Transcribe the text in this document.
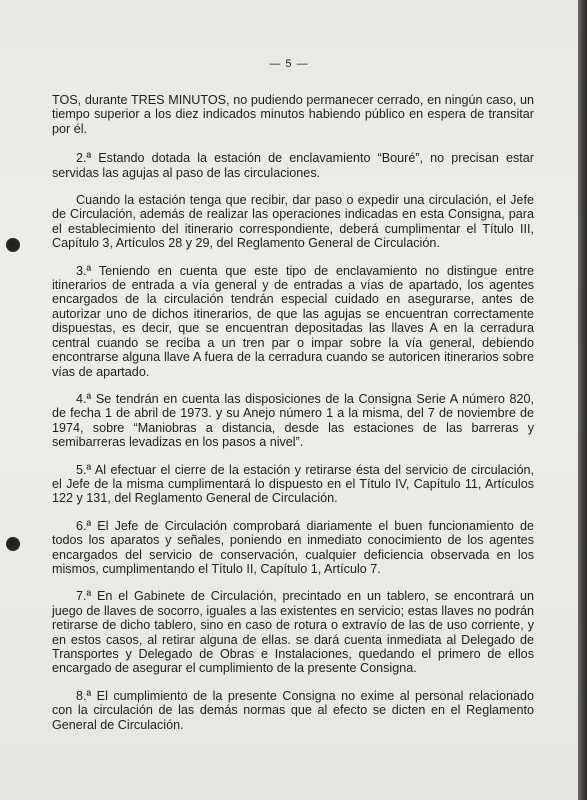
— 5 —

TOS, durante TRES MINUTOS, no pudiendo permanecer cerrado, en ningún caso, un tiempo superior a los diez indicados minutos habiendo público en espera de transitar por él.

2.ª Estando dotada la estación de enclavamiento “Bouré”, no precisan estar servidas las agujas al paso de las circulaciones.

Cuando la estación tenga que recibir, dar paso o expedir una circulación, el Jefe de Circulación, además de realizar las operaciones indicadas en esta Consigna, para el establecimiento del itinerario correspondiente, deberá cumplimentar el Título III, Capítulo 3, Artículos 28 y 29, del Reglamento General de Circulación.

3.ª Teniendo en cuenta que este tipo de enclavamiento no distingue entre itinerarios de entrada a vía general y de entradas a vías de apartado, los agentes encargados de la circulación tendrán especial cuidado en asegurarse, antes de autorizar uno de dichos itinerarios, de que las agujas se encuentran correctamente dispuestas, es decir, que se encuentran depositadas las llaves A en la cerradura central cuando se reciba a un tren par o impar sobre la vía general, debiendo encontrarse alguna llave A fuera de la cerradura cuando se autoricen itinerarios sobre vías de apartado.

4.ª Se tendrán en cuenta las disposiciones de la Consigna Serie A número 820, de fecha 1 de abril de 1973. y su Anejo número 1 a la misma, del 7 de noviembre de 1974, sobre “Maniobras a distancia, desde las estaciones de las barreras y semibarreras levadizas en los pasos a nivel”.

5.ª Al efectuar el cierre de la estación y retirarse ésta del servicio de circulación, el Jefe de la misma cumplimentará lo dispuesto en el Título IV, Capítulo 11, Artículos 122 y 131, del Reglamento General de Circulación.

6.ª El Jefe de Circulación comprobará diariamente el buen funcionamiento de todos los aparatos y señales, poniendo en inmediato conocimiento de los agentes encargados del servicio de conservación, cualquier deficiencia observada en los mismos, cumplimentando el Título II, Capítulo 1, Artículo 7.

7.ª En el Gabinete de Circulación, precintado en un tablero, se encontrará un juego de llaves de socorro, iguales a las existentes en servicio; estas llaves no podrán retirarse de dicho tablero, sino en caso de rotura o extravío de las de uso corriente, y en estos casos, al retirar alguna de ellas. se dará cuenta inmediata al Delegado de Transportes y Delegado de Obras e Instalaciones, quedando el primero de ellos encargado de asegurar el cumplimiento de la presente Consigna.

8.ª El cumplimiento de la presente Consigna no exime al personal relacionado con la circulación de las demás normas que al efecto se dicten en el Reglamento General de Circulación.
